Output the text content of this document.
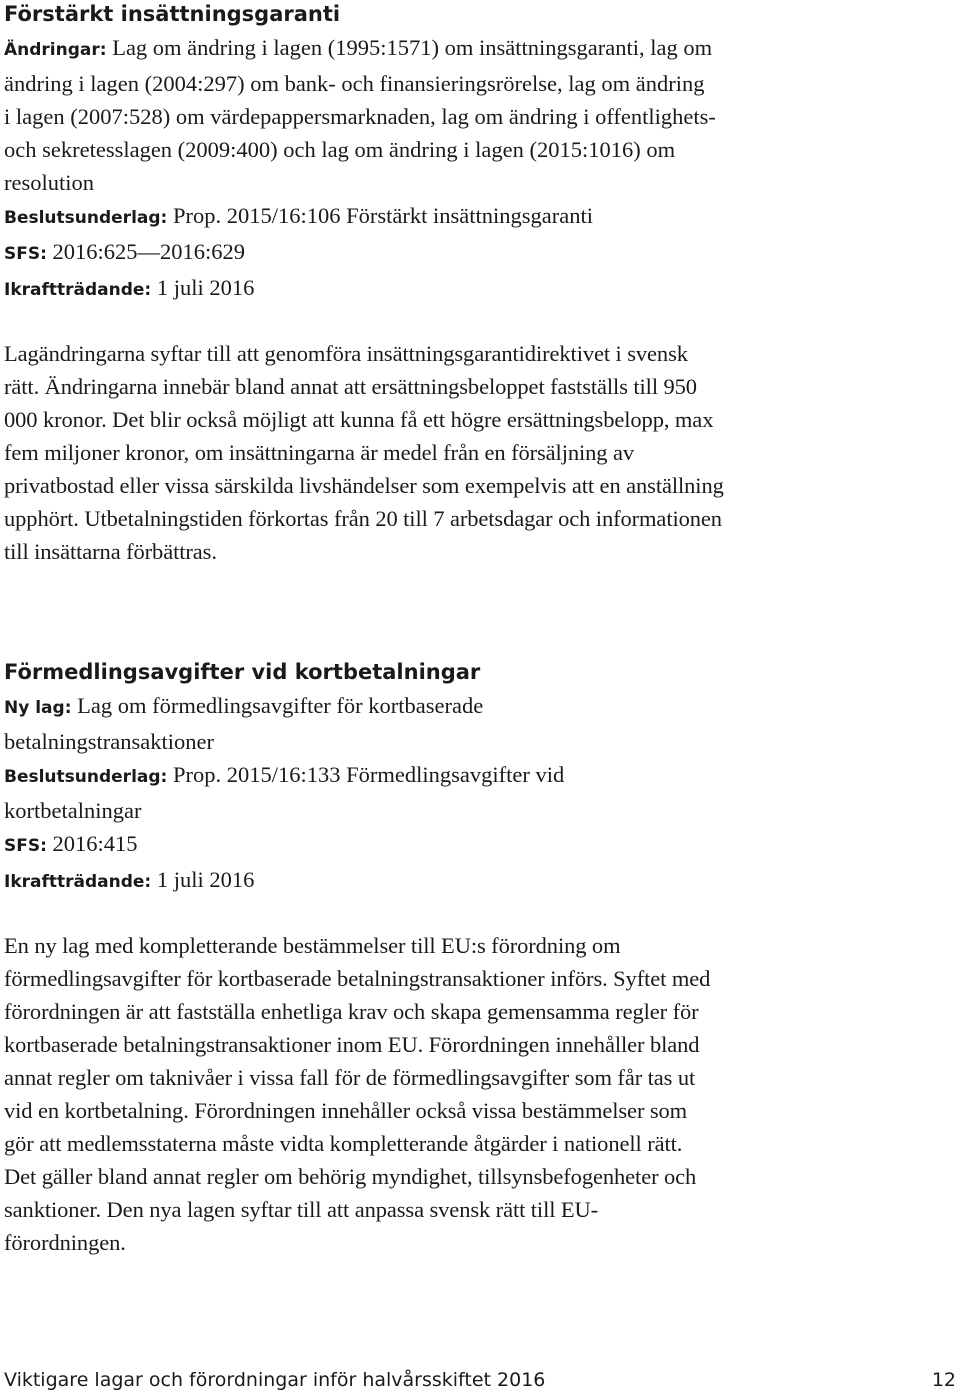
Förstärkt insättningsgaranti

Ändringar: Lag om ändring i lagen (1995:1571) om insättningsgaranti, lag om ändring i lagen (2004:297) om bank- och finansieringsrörelse, lag om ändring i lagen (2007:528) om värdepappersmarknaden, lag om ändring i offentlighets- och sekretesslagen (2009:400) och lag om ändring i lagen (2015:1016) om resolution

Beslutsunderlag: Prop. 2015/16:106 Förstärkt insättningsgaranti

SFS: 2016:625—2016:629

Ikraftträdande: 1 juli 2016

Lagändringarna syftar till att genomföra insättningsgarantidirektivet i svensk rätt. Ändringarna innebär bland annat att ersättningsbeloppet fastställs till 950 000 kronor. Det blir också möjligt att kunna få ett högre ersättningsbelopp, max fem miljoner kronor, om insättningarna är medel från en försäljning av privatbostad eller vissa särskilda livshändelser som exempelvis att en anställning upphört. Utbetalningstiden förkortas från 20 till 7 arbetsdagar och informationen till insättarna förbättras.

Förmedlingsavgifter vid kortbetalningar

Ny lag: Lag om förmedlingsavgifter för kortbaserade betalningstransaktioner

Beslutsunderlag: Prop. 2015/16:133 Förmedlingsavgifter vid kortbetalningar

SFS: 2016:415

Ikraftträdande: 1 juli 2016

En ny lag med kompletterande bestämmelser till EU:s förordning om förmedlingsavgifter för kortbaserade betalningstransaktioner införs. Syftet med förordningen är att fastställa enhetliga krav och skapa gemensamma regler för kortbaserade betalningstransaktioner inom EU. Förordningen innehåller bland annat regler om taknivåer i vissa fall för de förmedlingsavgifter som får tas ut vid en kortbetalning. Förordningen innehåller också vissa bestämmelser som gör att medlemsstaterna måste vidta kompletterande åtgärder i nationell rätt. Det gäller bland annat regler om behörig myndighet, tillsynsbefogenheter och sanktioner. Den nya lagen syftar till att anpassa svensk rätt till EU-förordningen.

Viktigare lagar och förordningar inför halvårsskiftet 2016	12
